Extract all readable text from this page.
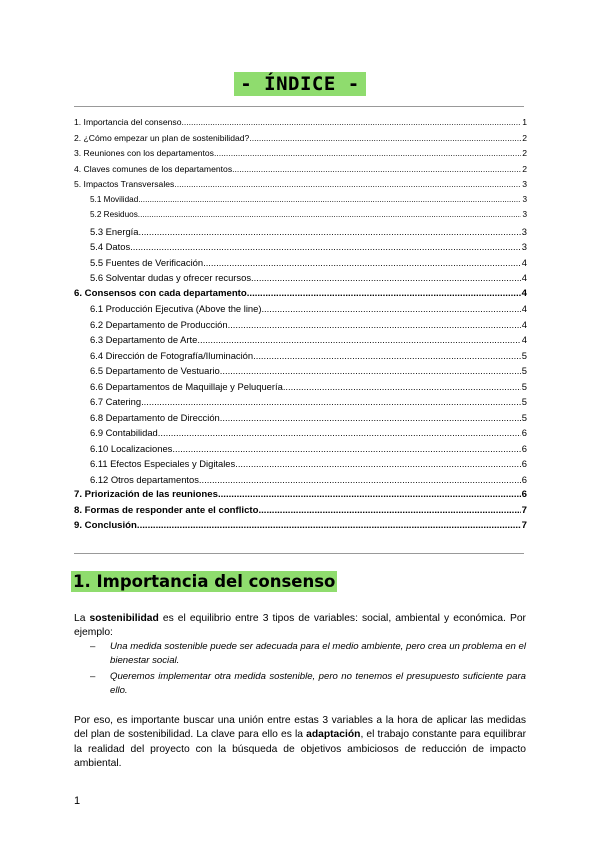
- ÍNDICE -
1. Importancia del consenso .....	1
2. ¿Cómo empezar un plan de sostenibilidad? .....	2
3. Reuniones con los departamentos .....	2
4. Claves comunes de los departamentos .....	2
5. Impactos Transversales .....	3
5.1 Movilidad .....	3
5.2 Residuos .....	3
5.3 Energía .....	3
5.4 Datos .....	3
5.5 Fuentes de Verificación .....	4
5.6 Solventar dudas y ofrecer recursos .....	4
6. Consensos con cada departamento .....	4
6.1 Producción Ejecutiva (Above the line) .....	4
6.2 Departamento de Producción .....	4
6.3 Departamento de Arte .....	4
6.4 Dirección de Fotografía/Iluminación .....	5
6.5 Departamento de Vestuario .....	5
6.6 Departamentos de Maquillaje y Peluquería .....	5
6.7 Catering .....	5
6.8 Departamento de Dirección .....	5
6.9 Contabilidad .....	6
6.10 Localizaciones .....	6
6.11 Efectos Especiales y Digitales .....	6
6.12 Otros departamentos .....	6
7. Priorización de las reuniones .....	6
8. Formas de responder ante el conflicto .....	7
9. Conclusión .....	7
1. Importancia del consenso
La sostenibilidad es el equilibrio entre 3 tipos de variables: social, ambiental y económica. Por ejemplo:
–	Una medida sostenible puede ser adecuada para el medio ambiente, pero crea un problema en el bienestar social.
–	Queremos implementar otra medida sostenible, pero no tenemos el presupuesto suficiente para ello.
Por eso, es importante buscar una unión entre estas 3 variables a la hora de aplicar las medidas del plan de sostenibilidad. La clave para ello es la adaptación, el trabajo constante para equilibrar la realidad del proyecto con la búsqueda de objetivos ambiciosos de reducción de impacto ambiental.
1
